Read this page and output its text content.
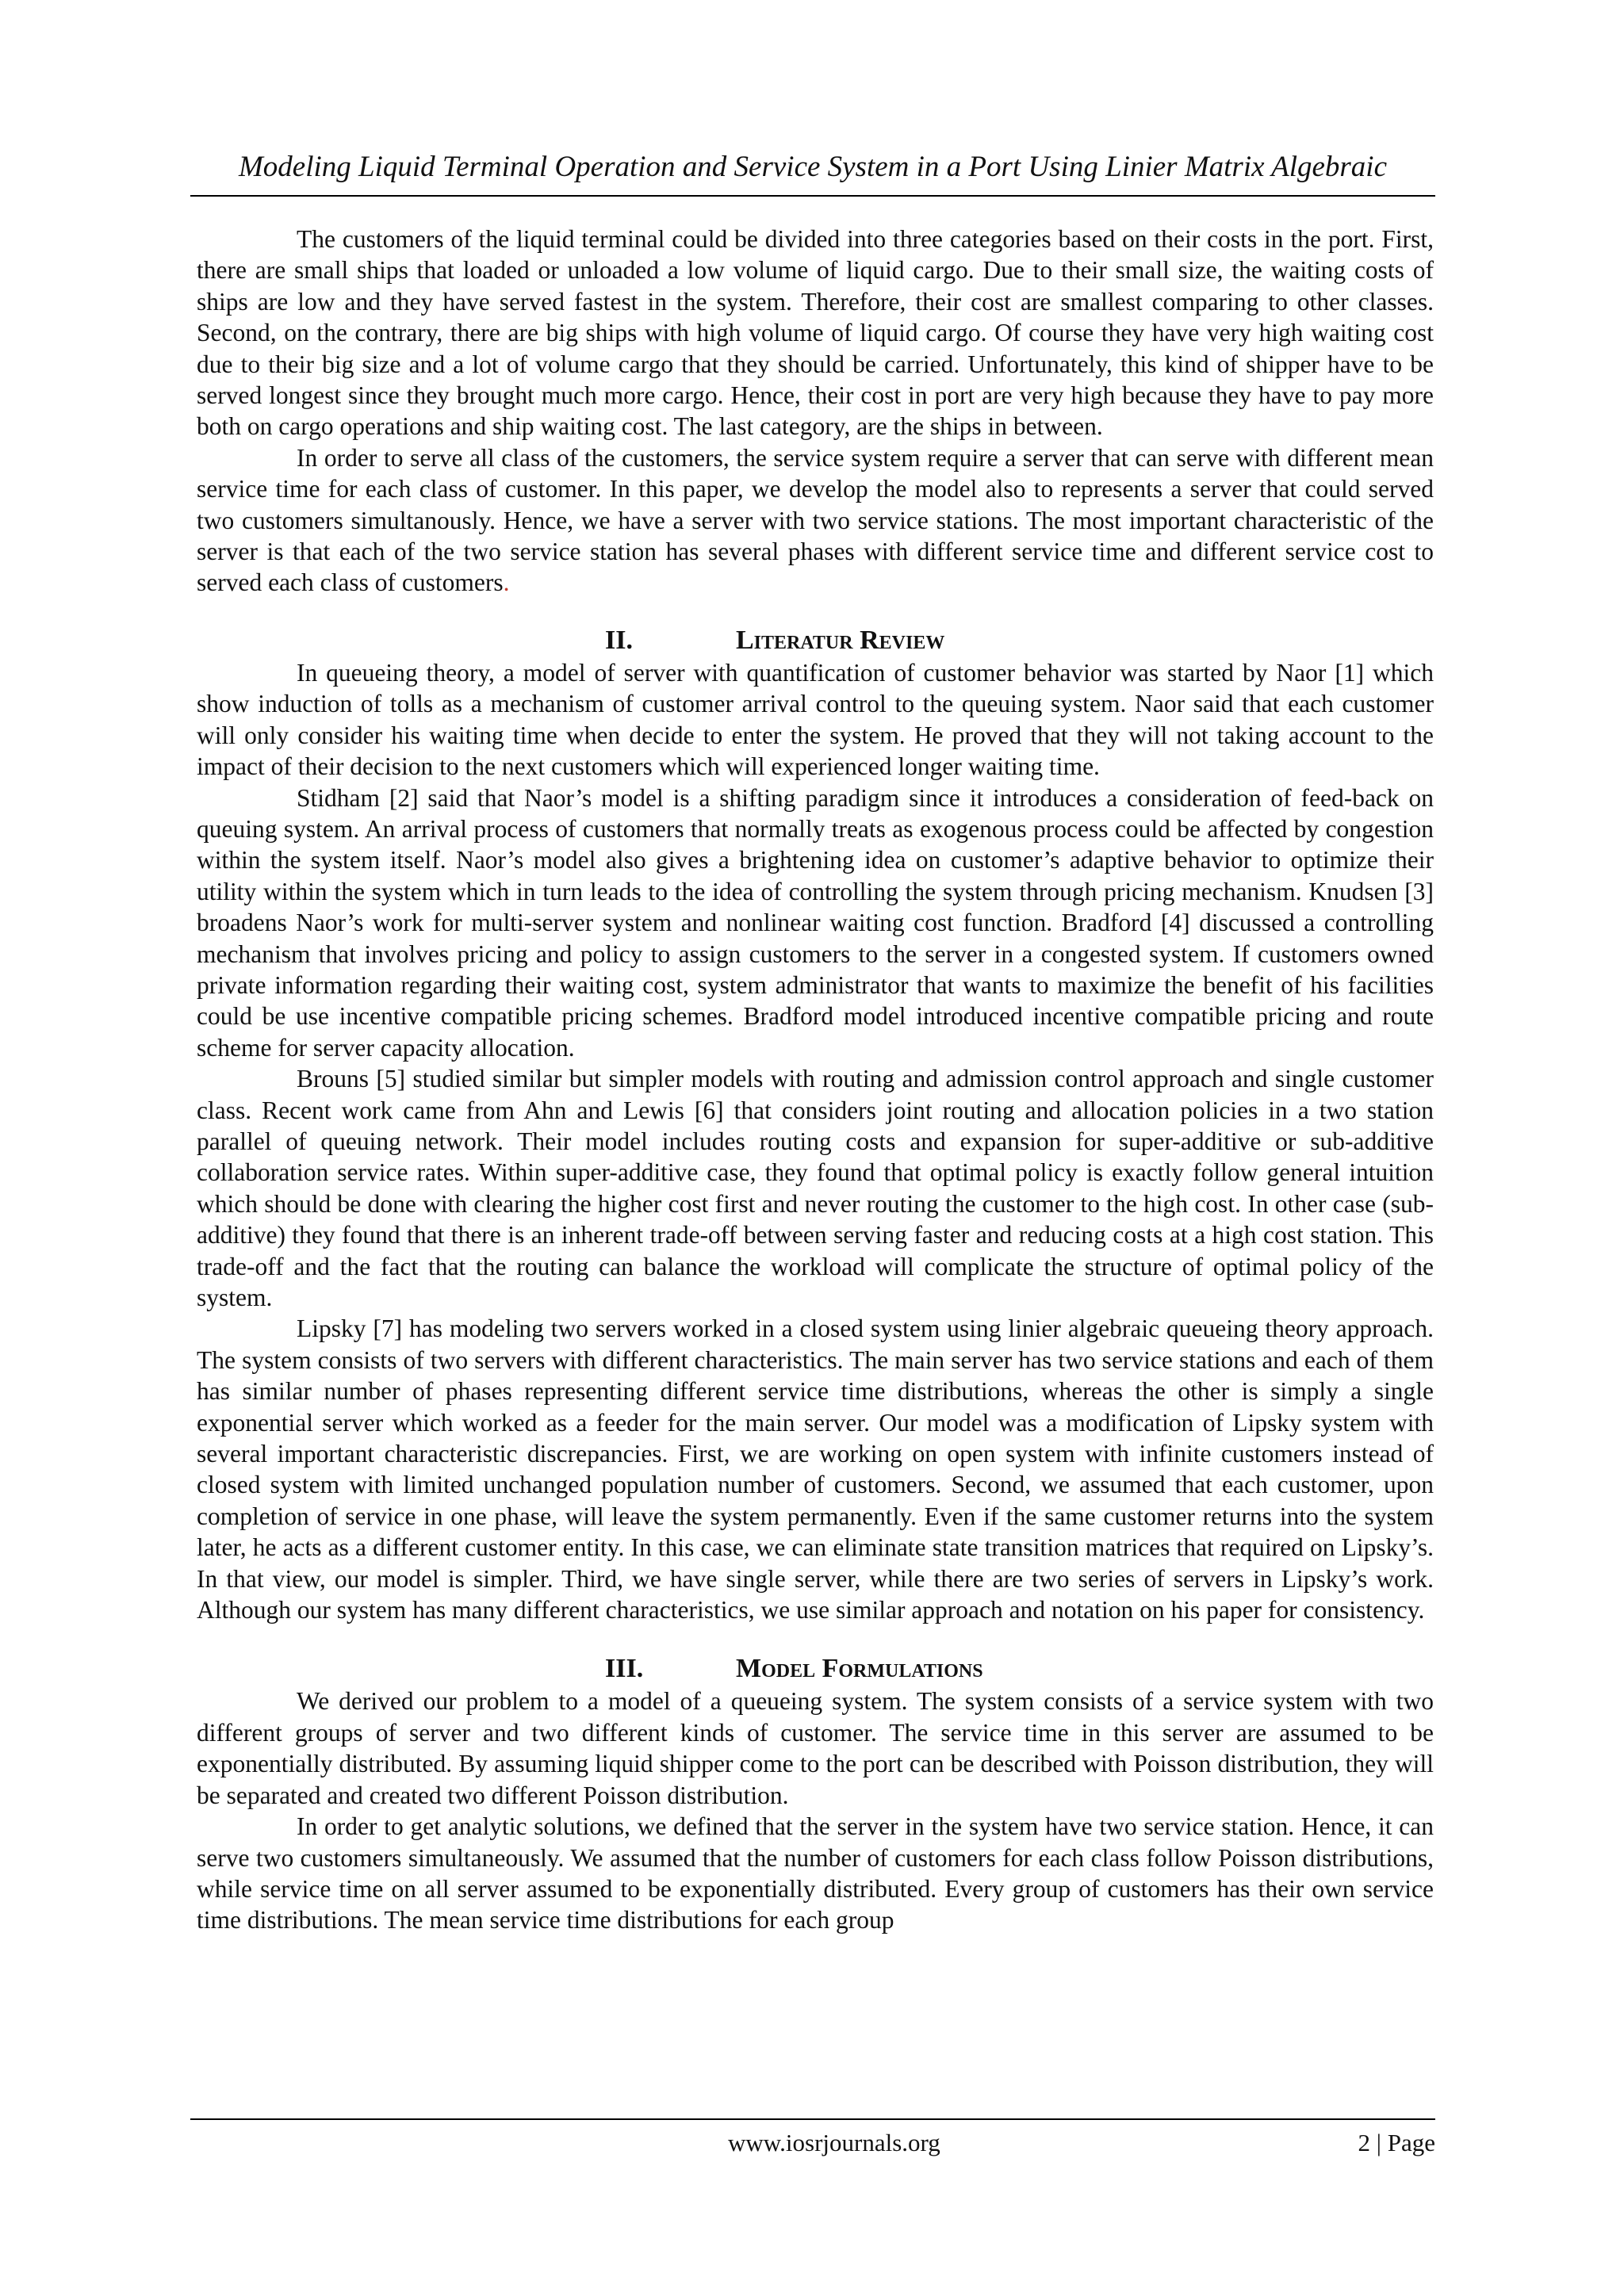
Modeling Liquid Terminal Operation and Service System in a Port Using Linier Matrix Algebraic

The customers of the liquid terminal could be divided into three categories based on their costs in the port. First, there are small ships that loaded or unloaded a low volume of liquid cargo. Due to their small size, the waiting costs of ships are low and they have served fastest in the system. Therefore, their cost are smallest comparing to other classes. Second, on the contrary, there are big ships with high volume of liquid cargo. Of course they have very high waiting cost due to their big size and a lot of volume cargo that they should be carried. Unfortunately, this kind of shipper have to be served longest since they brought much more cargo. Hence, their cost in port are very high because they have to pay more both on cargo operations and ship waiting cost. The last category, are the ships in between.

In order to serve all class of the customers, the service system require a server that can serve with different mean service time for each class of customer. In this paper, we develop the model also to represents a server that could served two customers simultanously. Hence, we have a server with two service stations. The most important characteristic of the server is that each of the two service station has several phases with different service time and different service cost to served each class of customers.

II.	Literatur Review

In queueing theory, a model of server with quantification of customer behavior was started by Naor [1] which show induction of tolls as a mechanism of customer arrival control to the queuing system. Naor said that each customer will only consider his waiting time when decide to enter the system. He proved that they will not taking account to the impact of their decision to the next customers which will experienced longer waiting time.

Stidham [2] said that Naor’s model is a shifting paradigm since it introduces a consideration of feed-back on queuing system. An arrival process of customers that normally treats as exogenous process could be affected by congestion within the system itself. Naor’s model also gives a brightening idea on customer’s adaptive behavior to optimize their utility within the system which in turn leads to the idea of controlling the system through pricing mechanism. Knudsen [3] broadens Naor’s work for multi-server system and nonlinear waiting cost function. Bradford [4] discussed a controlling mechanism that involves pricing and policy to assign customers to the server in a congested system. If customers owned private information regarding their waiting cost, system administrator that wants to maximize the benefit of his facilities could be use incentive compatible pricing schemes. Bradford model introduced incentive compatible pricing and route scheme for server capacity allocation.

Brouns [5] studied similar but simpler models with routing and admission control approach and single customer class. Recent work came from Ahn and Lewis [6] that considers joint routing and allocation policies in a two station parallel of queuing network. Their model includes routing costs and expansion for super-additive or sub-additive collaboration service rates. Within super-additive case, they found that optimal policy is exactly follow general intuition which should be done with clearing the higher cost first and never routing the customer to the high cost. In other case (sub-additive) they found that there is an inherent trade-off between serving faster and reducing costs at a high cost station. This trade-off and the fact that the routing can balance the workload will complicate the structure of optimal policy of the system.

Lipsky [7] has modeling two servers worked in a closed system using linier algebraic queueing theory approach. The system consists of two servers with different characteristics. The main server has two service stations and each of them has similar number of phases representing different service time distributions, whereas the other is simply a single exponential server which worked as a feeder for the main server. Our model was a modification of Lipsky system with several important characteristic discrepancies. First, we are working on open system with infinite customers instead of closed system with limited unchanged population number of customers. Second, we assumed that each customer, upon completion of service in one phase, will leave the system permanently. Even if the same customer returns into the system later, he acts as a different customer entity. In this case, we can eliminate state transition matrices that required on Lipsky’s. In that view, our model is simpler. Third, we have single server, while there are two series of servers in Lipsky’s work. Although our system has many different characteristics, we use similar approach and notation on his paper for consistency.

III.	Model Formulations

We derived our problem to a model of a queueing system. The system consists of a service system with two different groups of server and two different kinds of customer. The service time in this server are assumed to be exponentially distributed. By assuming liquid shipper come to the port can be described with Poisson distribution, they will be separated and created two different Poisson distribution.

In order to get analytic solutions, we defined that the server in the system have two service station. Hence, it can serve two customers simultaneously. We assumed that the number of customers for each class follow Poisson distributions, while service time on all server assumed to be exponentially distributed. Every group of customers has their own service time distributions. The mean service time distributions for each group

www.iosrjournals.org	2 | Page
